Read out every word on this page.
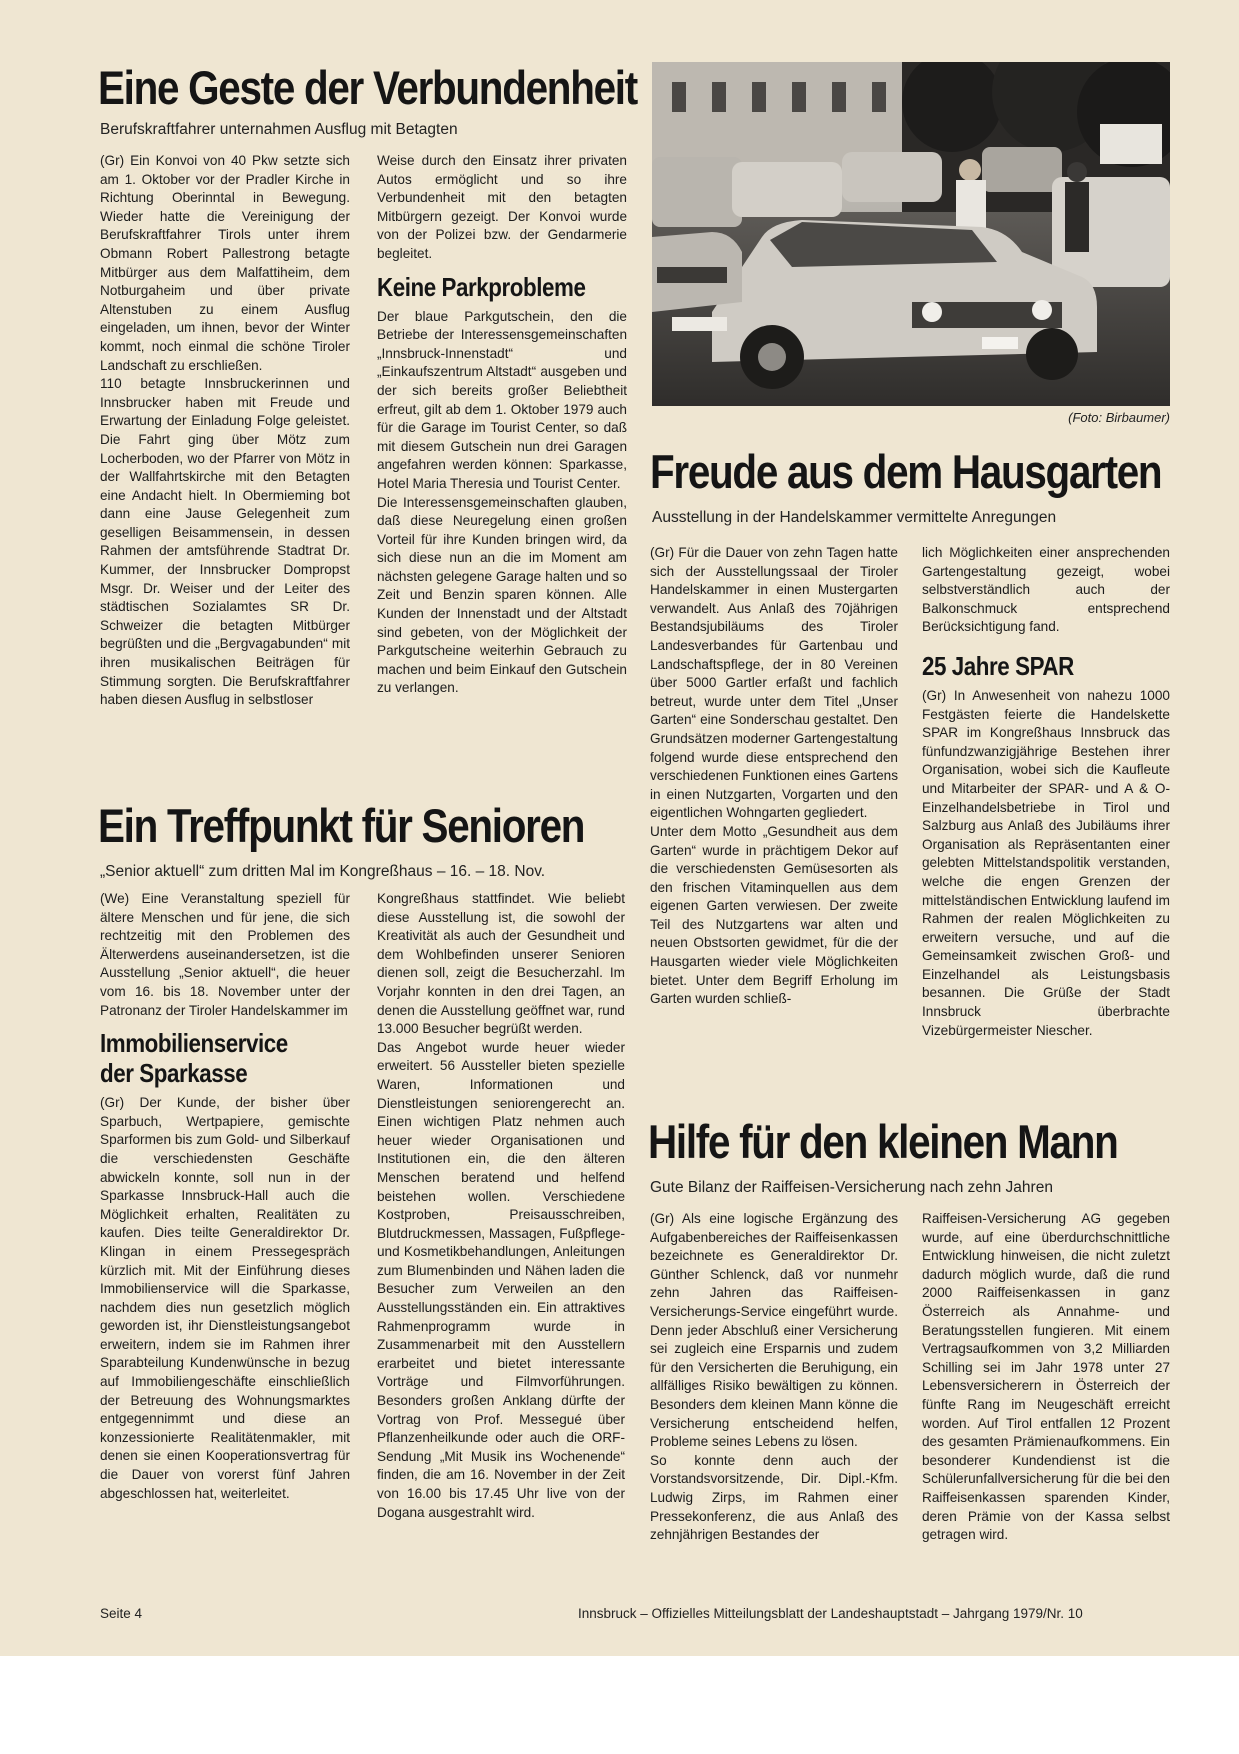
Eine Geste der Verbundenheit
Berufskraftfahrer unternahmen Ausflug mit Betagten

(Gr) Ein Konvoi von 40 Pkw setzte sich am 1. Oktober vor der Pradler Kirche in Richtung Oberinntal in Bewegung. Wieder hatte die Vereinigung der Berufskraftfahrer Tirols unter ihrem Obmann Robert Pallestrong betagte Mitbürger aus dem Malfattiheim, dem Notburgaheim und über private Altenstuben zu einem Ausflug eingeladen, um ihnen, bevor der Winter kommt, noch einmal die schöne Tiroler Landschaft zu erschließen.

110 betagte Innsbruckerinnen und Innsbrucker haben mit Freude und Erwartung der Einladung Folge geleistet. Die Fahrt ging über Mötz zum Locherboden, wo der Pfarrer von Mötz in der Wallfahrtskirche mit den Betagten eine Andacht hielt. In Obermieming bot dann eine Jause Gelegenheit zum geselligen Beisammensein, in dessen Rahmen der amtsführende Stadtrat Dr. Kummer, der Innsbrucker Dompropst Msgr. Dr. Weiser und der Leiter des städtischen Sozialamtes SR Dr. Schweizer die betagten Mitbürger begrüßten und die „Bergvagabunden“ mit ihren musikalischen Beiträgen für Stimmung sorgten. Die Berufskraftfahrer haben diesen Ausflug in selbstloser

Weise durch den Einsatz ihrer privaten Autos ermöglicht und so ihre Verbundenheit mit den betagten Mitbürgern gezeigt. Der Konvoi wurde von der Polizei bzw. der Gendarmerie begleitet.

Keine Parkprobleme

Der blaue Parkgutschein, den die Betriebe der Interessensgemeinschaften „Innsbruck-Innenstadt“ und „Einkaufszentrum Altstadt“ ausgeben und der sich bereits großer Beliebtheit erfreut, gilt ab dem 1. Oktober 1979 auch für die Garage im Tourist Center, so daß mit diesem Gutschein nun drei Garagen angefahren werden können: Sparkasse, Hotel Maria Theresia und Tourist Center.

Die Interessensgemeinschaften glauben, daß diese Neuregelung einen großen Vorteil für ihre Kunden bringen wird, da sich diese nun an die im Moment am nächsten gelegene Garage halten und so Zeit und Benzin sparen können. Alle Kunden der Innenstadt und der Altstadt sind gebeten, von der Möglichkeit der Parkgutscheine weiterhin Gebrauch zu machen und beim Einkauf den Gutschein zu verlangen.

(Foto: Birbaumer)
Freude aus dem Hausgarten
Ausstellung in der Handelskammer vermittelte Anregungen

(Gr) Für die Dauer von zehn Tagen hatte sich der Ausstellungssaal der Tiroler Handelskammer in einen Mustergarten verwandelt. Aus Anlaß des 70jährigen Bestandsjubiläums des Tiroler Landesverbandes für Gartenbau und Landschaftspflege, der in 80 Vereinen über 5000 Gartler erfaßt und fachlich betreut, wurde unter dem Titel „Unser Garten“ eine Sonderschau gestaltet. Den Grundsätzen moderner Gartengestaltung folgend wurde diese entsprechend den verschiedenen Funktionen eines Gartens in einen Nutzgarten, Vorgarten und den eigentlichen Wohngarten gegliedert.

Unter dem Motto „Gesundheit aus dem Garten“ wurde in prächtigem Dekor auf die verschiedensten Gemüsesorten als den frischen Vitaminquellen aus dem eigenen Garten verwiesen. Der zweite Teil des Nutzgartens war alten und neuen Obstsorten gewidmet, für die der Hausgarten wieder viele Möglichkeiten bietet. Unter dem Begriff Erholung im Garten wurden schließ-

lich Möglichkeiten einer ansprechenden Gartengestaltung gezeigt, wobei selbstverständlich auch der Balkonschmuck entsprechend Berücksichtigung fand.

25 Jahre SPAR

(Gr) In Anwesenheit von nahezu 1000 Festgästen feierte die Handelskette SPAR im Kongreßhaus Innsbruck das fünfundzwanzigjährige Bestehen ihrer Organisation, wobei sich die Kaufleute und Mitarbeiter der SPAR- und A & O-Einzelhandelsbetriebe in Tirol und Salzburg aus Anlaß des Jubiläums ihrer Organisation als Repräsentanten einer gelebten Mittelstandspolitik verstanden, welche die engen Grenzen der mittelständischen Entwicklung laufend im Rahmen der realen Möglichkeiten zu erweitern versuche, und auf die Gemeinsamkeit zwischen Groß- und Einzelhandel als Leistungsbasis besannen. Die Grüße der Stadt Innsbruck überbrachte Vizebürgermeister Niescher.

Ein Treffpunkt für Senioren
„Senior aktuell“ zum dritten Mal im Kongreßhaus – 16. – 18. Nov.

(We) Eine Veranstaltung speziell für ältere Menschen und für jene, die sich rechtzeitig mit den Problemen des Älterwerdens auseinandersetzen, ist die Ausstellung „Senior aktuell“, die heuer vom 16. bis 18. November unter der Patronanz der Tiroler Handelskammer im

Immobilienservice
der Sparkasse

(Gr) Der Kunde, der bisher über Sparbuch, Wertpapiere, gemischte Sparformen bis zum Gold- und Silberkauf die verschiedensten Geschäfte abwickeln konnte, soll nun in der Sparkasse Innsbruck-Hall auch die Möglichkeit erhalten, Realitäten zu kaufen. Dies teilte Generaldirektor Dr. Klingan in einem Pressegespräch kürzlich mit. Mit der Einführung dieses Immobilienservice will die Sparkasse, nachdem dies nun gesetzlich möglich geworden ist, ihr Dienstleistungsangebot erweitern, indem sie im Rahmen ihrer Sparabteilung Kundenwünsche in bezug auf Immobiliengeschäfte einschließlich der Betreuung des Wohnungsmarktes entgegennimmt und diese an konzessionierte Realitätenmakler, mit denen sie einen Kooperationsvertrag für die Dauer von vorerst fünf Jahren abgeschlossen hat, weiterleitet.

Kongreßhaus stattfindet. Wie beliebt diese Ausstellung ist, die sowohl der Kreativität als auch der Gesundheit und dem Wohlbefinden unserer Senioren dienen soll, zeigt die Besucherzahl. Im Vorjahr konnten in den drei Tagen, an denen die Ausstellung geöffnet war, rund 13.000 Besucher begrüßt werden.

Das Angebot wurde heuer wieder erweitert. 56 Aussteller bieten spezielle Waren, Informationen und Dienstleistungen seniorengerecht an. Einen wichtigen Platz nehmen auch heuer wieder Organisationen und Institutionen ein, die den älteren Menschen beratend und helfend beistehen wollen. Verschiedene Kostproben, Preisausschreiben, Blutdruckmessen, Massagen, Fußpflege- und Kosmetikbehandlungen, Anleitungen zum Blumenbinden und Nähen laden die Besucher zum Verweilen an den Ausstellungsständen ein. Ein attraktives Rahmenprogramm wurde in Zusammenarbeit mit den Ausstellern erarbeitet und bietet interessante Vorträge und Filmvorführungen. Besonders großen Anklang dürfte der Vortrag von Prof. Messegué über Pflanzenheilkunde oder auch die ORF-Sendung „Mit Musik ins Wochenende“ finden, die am 16. November in der Zeit von 16.00 bis 17.45 Uhr live von der Dogana ausgestrahlt wird.

Hilfe für den kleinen Mann
Gute Bilanz der Raiffeisen-Versicherung nach zehn Jahren

(Gr) Als eine logische Ergänzung des Aufgabenbereiches der Raiffeisenkassen bezeichnete es Generaldirektor Dr. Günther Schlenck, daß vor nunmehr zehn Jahren das Raiffeisen-Versicherungs-Service eingeführt wurde. Denn jeder Abschluß einer Versicherung sei zugleich eine Ersparnis und zudem für den Versicherten die Beruhigung, ein allfälliges Risiko bewältigen zu können. Besonders dem kleinen Mann könne die Versicherung entscheidend helfen, Probleme seines Lebens zu lösen.

So konnte denn auch der Vorstandsvorsitzende, Dir. Dipl.-Kfm. Ludwig Zirps, im Rahmen einer Pressekonferenz, die aus Anlaß des zehnjährigen Bestandes der

Raiffeisen-Versicherung AG gegeben wurde, auf eine überdurchschnittliche Entwicklung hinweisen, die nicht zuletzt dadurch möglich wurde, daß die rund 2000 Raiffeisenkassen in ganz Österreich als Annahme- und Beratungsstellen fungieren. Mit einem Vertragsaufkommen von 3,2 Milliarden Schilling sei im Jahr 1978 unter 27 Lebensversicherern in Österreich der fünfte Rang im Neugeschäft erreicht worden. Auf Tirol entfallen 12 Prozent des gesamten Prämienaufkommens. Ein besonderer Kundendienst ist die Schülerunfallversicherung für die bei den Raiffeisenkassen sparenden Kinder, deren Prämie von der Kassa selbst getragen wird.

Seite 4	Innsbruck – Offizielles Mitteilungsblatt der Landeshauptstadt – Jahrgang 1979/Nr. 10
